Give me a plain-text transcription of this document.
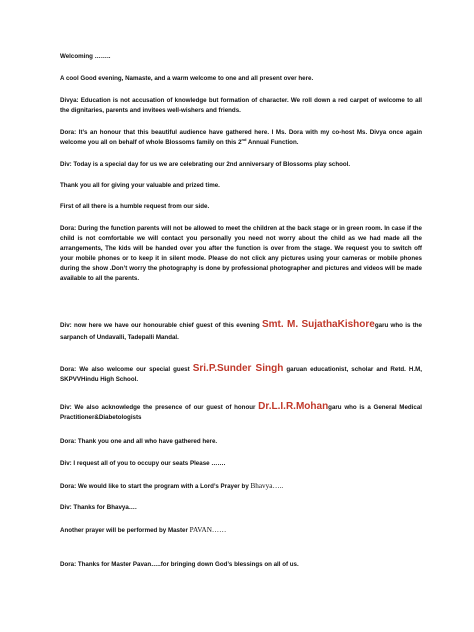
Welcoming ……..

A cool Good evening, Namaste, and a warm welcome to one and all present over here.

Divya: Education is not accusation of knowledge but formation of character. We roll down a red carpet of welcome to all the dignitaries, parents and invitees well-wishers and friends.

Dora: It’s an honour that this beautiful audience have gathered here. I Ms. Dora with my co-host Ms. Divya once again welcome you all on behalf of whole Blossoms family on this 2nd Annual Function.

Div: Today is a special day for us we are celebrating our 2nd anniversary of Blossoms play school.

Thank you all for giving your valuable and prized time.

First of all there is a humble request from our side.

Dora: During the function parents will not be allowed to meet the children at the back stage or in green room. In case if the child is not comfortable we will contact you personally you need not worry about the child as we had made all the arrangements, The kids will be handed over you after the function is over from the stage. We request you to switch off your mobile phones or to keep it in silent mode. Please do not click any pictures using your cameras or mobile phones during the show .Don’t worry the photography is done by professional photographer and pictures and videos will be made available to all the parents.

Div: now here we have our honourable chief guest of this evening Smt. M. SujathaKishoregaru who is the sarpanch of Undavalli, Tadepalli Mandal.

Dora: We also welcome our special guest Sri.P.Sunder Singh garuan educationist, scholar and Retd. H.M, SKPVVHindu High School.

Div: We also acknowledge the presence of our guest of honour Dr.L.I.R.Mohangaru who is a General Medical Practitioner&Diabetologists

Dora: Thank you one and all who have gathered here.

Div: I request all of you to occupy our seats Please …….

Dora: We would like to start the program with a Lord’s Prayer by Bhavya…..

Div: Thanks for Bhavya….

Another prayer will be performed by Master PAVAN……

Dora: Thanks for Master Pavan…..for bringing down God’s blessings on all of us.
